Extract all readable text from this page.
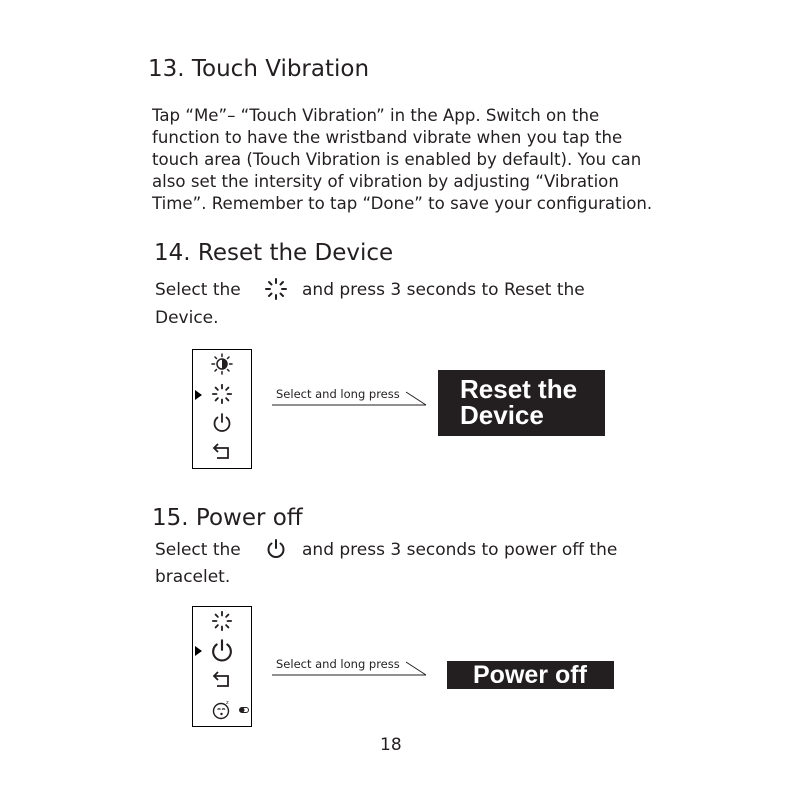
13. Touch Vibration
Tap “Me”– “Touch Vibration” in the App. Switch on the
function to have the wristband vibrate when you tap the
touch area (Touch Vibration is enabled by default). You can
also set the intersity of vibration by adjusting “Vibration
Time”. Remember to tap “Done” to save your configuration.
14. Reset the Device
Select the	and press 3 seconds to Reset the
Device.
Select and long press Reset the
Device
15. Power off
Select the	and press 3 seconds to power off the
bracelet.
z
Select and long press	Power off
18
